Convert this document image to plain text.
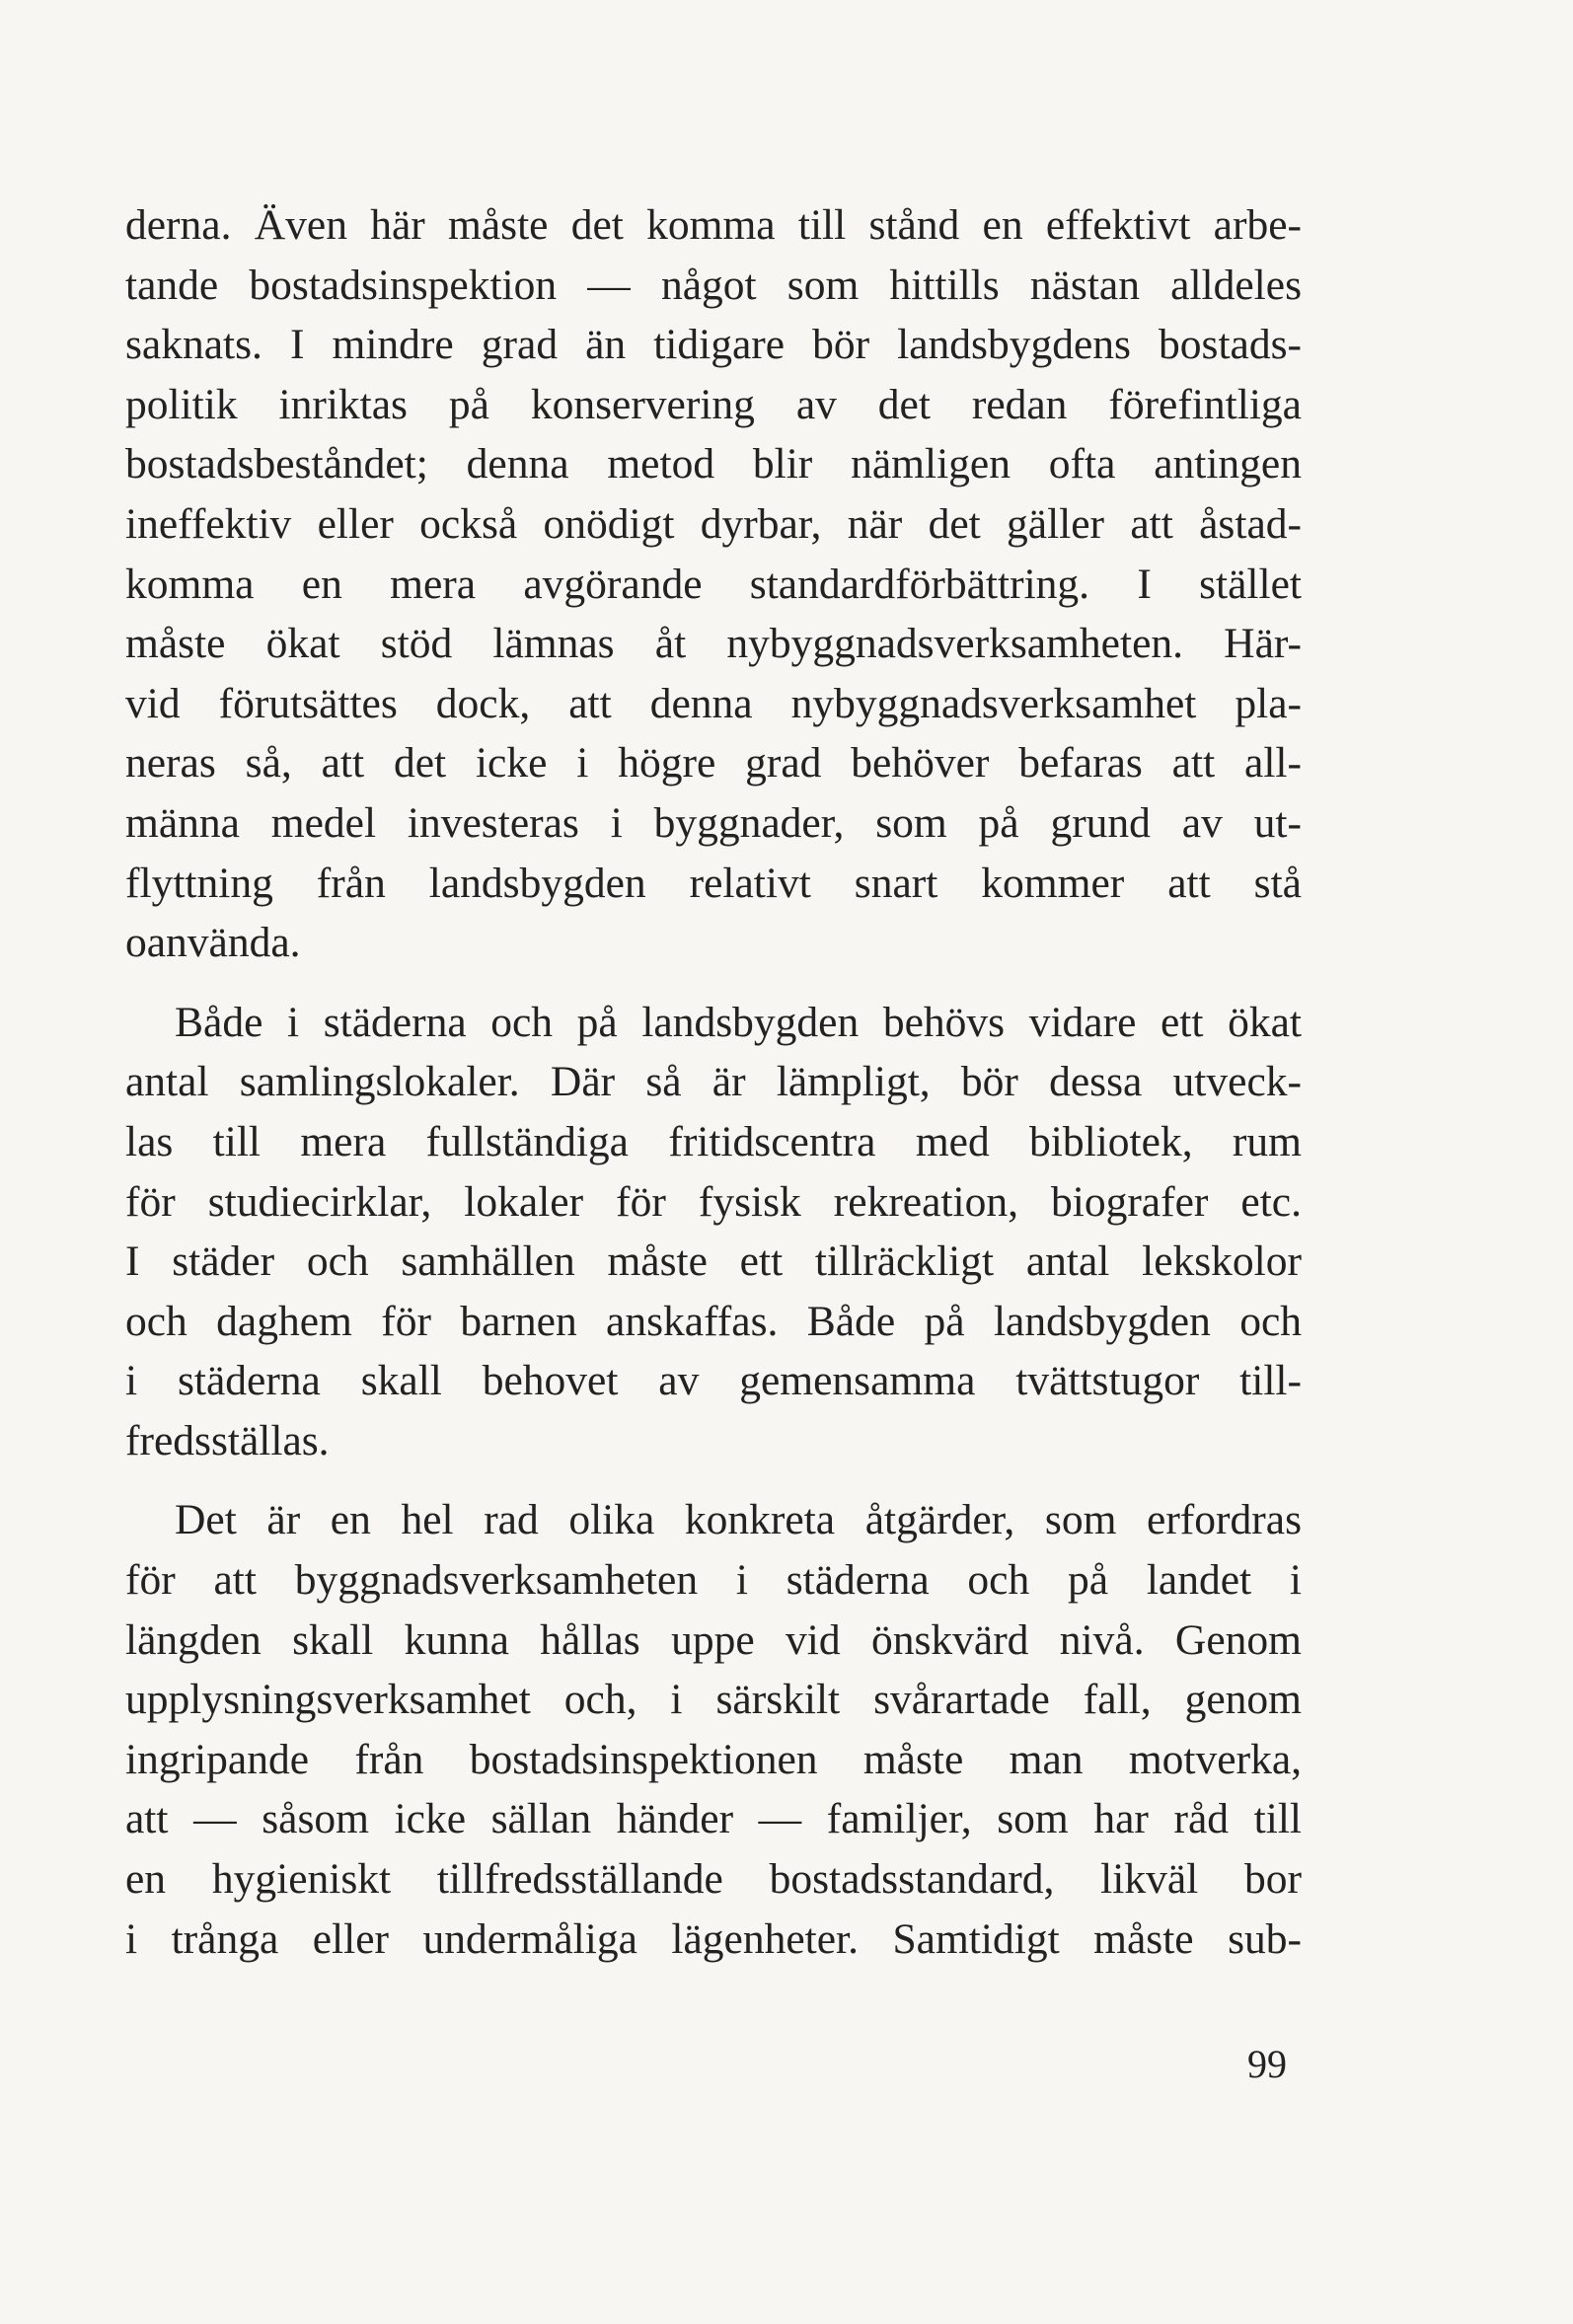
derna. Även här måste det komma till stånd en effektivt arbe-
tande bostadsinspektion — något som hittills nästan alldeles
saknats. I mindre grad än tidigare bör landsbygdens bostads-
politik inriktas på konservering av det redan förefintliga
bostadsbeståndet; denna metod blir nämligen ofta antingen
ineffektiv eller också onödigt dyrbar, när det gäller att åstad-
komma en mera avgörande standardförbättring. I stället
måste ökat stöd lämnas åt nybyggnadsverksamheten. Här-
vid förutsättes dock, att denna nybyggnadsverksamhet pla-
neras så, att det icke i högre grad behöver befaras att all-
männa medel investeras i byggnader, som på grund av ut-
flyttning från landsbygden relativt snart kommer att stå
oanvända.
Både i städerna och på landsbygden behövs vidare ett ökat
antal samlingslokaler. Där så är lämpligt, bör dessa utveck-
las till mera fullständiga fritidscentra med bibliotek, rum
för studiecirklar, lokaler för fysisk rekreation, biografer etc.
I städer och samhällen måste ett tillräckligt antal lekskolor
och daghem för barnen anskaffas. Både på landsbygden och
i städerna skall behovet av gemensamma tvättstugor till-
fredsställas.
Det är en hel rad olika konkreta åtgärder, som erfordras
för att byggnadsverksamheten i städerna och på landet i
längden skall kunna hållas uppe vid önskvärd nivå. Genom
upplysningsverksamhet och, i särskilt svårartade fall, genom
ingripande från bostadsinspektionen måste man motverka,
att — såsom icke sällan händer — familjer, som har råd till
en hygieniskt tillfredsställande bostadsstandard, likväl bor
i trånga eller undermåliga lägenheter. Samtidigt måste sub-
99
